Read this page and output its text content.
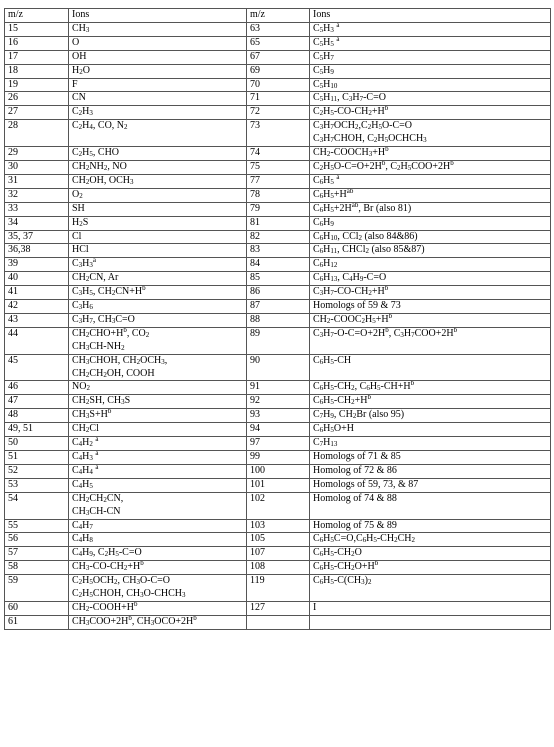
m/z	Ions	m/z	Ions

15	$CH_3$	63	$C_5H_3$ $^a$

16	O	65	$C_5H_5$ $^a$

17	OH	67	$C_5H_7$

18	$H_2O$	69	$C_5H_9$

19	F	70	$C_5H_{10}$

26	CN	71	$C_5H_{11}$, $C_3H_7-C=O$

27	$C_2H_3$	72	$C_2H_5-CO-CH_2+H^b$

28	$C_2H_4$, CO, $N_2$	73	$C_3H_7OCH_2,C_2H_5O-C=O$
$C_3H_7CHOH$, $C_2H_5OCHCH_3$

29	$C_2H_5$, CHO	74	$CH_2-COOCH_3+H^b$

30	$CH_2NH_2$, NO	75	$C_2H_5O-C=O+2H^b$, $C_2H_5COO+2H^b$

31	$CH_2OH$, $OCH_3$	77	$C_6H_5$ $^a$

32	$O_2$	78	$C_6H_5+H^{ab}$

33	SH	79	$C_6H_5+2H^{ab}$, Br (also 81)

34	$H_2S$	81	$C_6H_9$

35, 37	Cl	82	$C_6H_{10}$, CCl$_2$ (also 84&86)

36,38	HCl	83	$C_6H_{11}$, CHCl$_2$ (also 85&87)

39	$C_3H_3^a$	84	$C_6H_{12}$

40	$CH_2CN$, Ar	85	$C_6H_{13}$, $C_4H_9-C=O$

41	$C_3H_5$, $CH_2CN+H^b$	86	$C_3H_7-CO-CH_2+H^b$

42	$C_3H_6$	87	Homologs of 59 & 73

43	$C_3H_7$, $CH_3C=O$	88	$CH_2-COOC_2H_5+H^b$

44	$CH_2CHO+H^b$, $CO_2$
$CH_3CH-NH_2$	89	$C_3H_7-O-C=O+2H^b$, $C_3H_7COO+2H^b$

45	$CH_3CHOH$, $CH_2OCH_3$,
$CH_2CH_2OH$, COOH	90	$C_6H_5-CH$

46	$NO_2$	91	$C_6H_5-CH_2$, $C_6H_5-CH+H^b$

47	$CH_2SH$, $CH_3S$	92	$C_6H_5-CH_2+H^b$

48	$CH_3S+H^b$	93	$C_7H_9$, $CH_2Br$ (also 95)

49, 51	$CH_2Cl$	94	$C_6H_5O+H$

50	$C_4H_2$ $^a$	97	$C_7H_{13}$

51	$C_4H_3$ $^a$	99	Homologs of 71 & 85

52	$C_4H_4$ $^a$	100	Homolog of 72 & 86

53	$C_4H_5$	101	Homologs of 59, 73, & 87

54	$CH_2CH_2CN$,
$CH_3CH-CN$	102	Homolog of 74 & 88

55	$C_4H_7$	103	Homolog of 75 & 89

56	$C_4H_8$	105	$C_6H_5C=O,C_6H_5-CH_2CH_2$

57	$C_4H_9$, $C_2H_5-C=O$	107	$C_6H_5-CH_2O$

58	$CH_3-CO-CH_2+H^b$	108	$C_6H_5-CH_2O+H^b$

59	$C_2H_5OCH_2$, $CH_3O-C=O$
$C_2H_5CHOH$, $CH_3O-CHCH_3$	119	$C_6H_5-C(CH_3)_2$

60	$CH_2-COOH+H^b$	127	I

61	$CH_3COO+2H^b$, $CH_3OCO+2H^b$
